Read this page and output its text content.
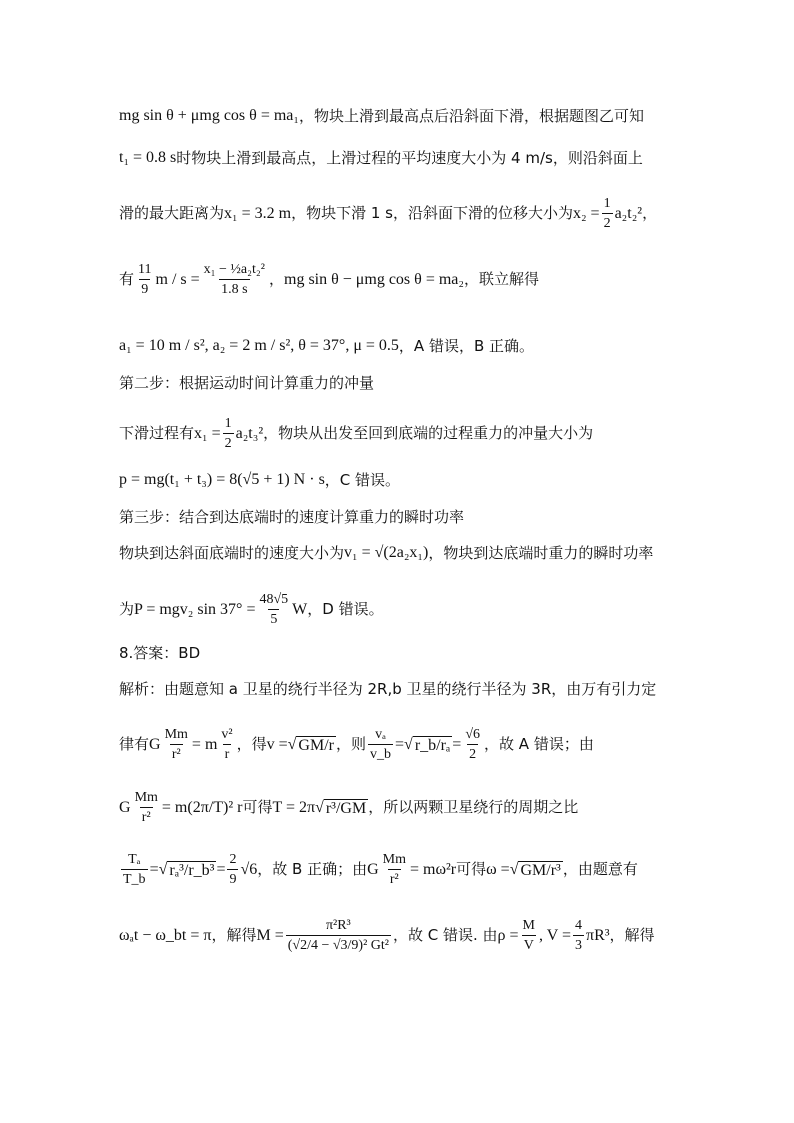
mg sin θ + μmg cos θ = ma₁ ，物块上滑到最高点后沿斜面下滑，根据题图乙可知
t₁ = 0.8 s 时物块上滑到最高点，上滑过程的平均速度大小为 4 m/s，则沿斜面上
滑的最大距离为 x₁ = 3.2 m ，物块下滑 1 s，沿斜面下滑的位移大小为 $x_2 = \frac{1}{2} a_2t_2^2$ ，
有 $\frac{11}{9}$ $m / s = \frac{\text{x₁ − ½a₂t₂²}}{1.8 s}$ ， mg sin θ − μmg cos θ = ma₂ ，联立解得
a₁ = 10 m / s², a₂ = 2 m / s², θ = 37°, μ = 0.5 ，A 错误，B 正确。
第二步：根据运动时间计算重力的冲量
下滑过程有 $x_1 = \frac{1}{2} a_2t_3^2$ ，物块从出发至回到底端的过程重力的冲量大小为
p = mg(t₁ + t₃) = 8(√5 + 1) N · s ，C 错误。
第三步：结合到达底端时的速度计算重力的瞬时功率
物块到达斜面底端时的速度大小为 v₁ = √(2a₂x₁) ，物块到达底端时重力的瞬时功率
为 P = mgv₂ $\sin 37^\circ = \frac{48√5}{5}$ W ，D 错误。
8.答案：BD
解析：由题意知 a 卫星的绕行半径为 2R,b 卫星的绕行半径为 3R，由万有引力定
律有 G $\frac{Mm}{\text{r²}} = m \frac{\text{v²}}{r}$ ，得 v = √ GM/r ，则 $\frac{\text{vₐ}}{v\_b}$ = √ r_b/rₐ = $\frac{√6}{2}$ ，故 A 错误；由
G $\frac{Mm}{\text{r²}} = m(2\pi/T)^2$ r 可得 T = 2π √ r³/GM ，所以两颗卫星绕行的周期之比
$\frac{\text{Tₐ}}{T\_b}$ = √ rₐ³/r_b³ = $\frac{2}{9} √6$ ，故 B 正确；由 G $\frac{Mm}{\text{r²}} = m\omega^2r$ 可得 ω = √ GM/r³ ，由题意有
ωₐt − ω_bt = π ，解得 $M = \frac{\text{π²R³}}{\text{(√2/4 − √3/9)² Gt²}}$ ，故 C 错误. 由 $\rho = \frac{M}{V}$ , $V = \frac{4}{3} \pi R^3$ ，解得
